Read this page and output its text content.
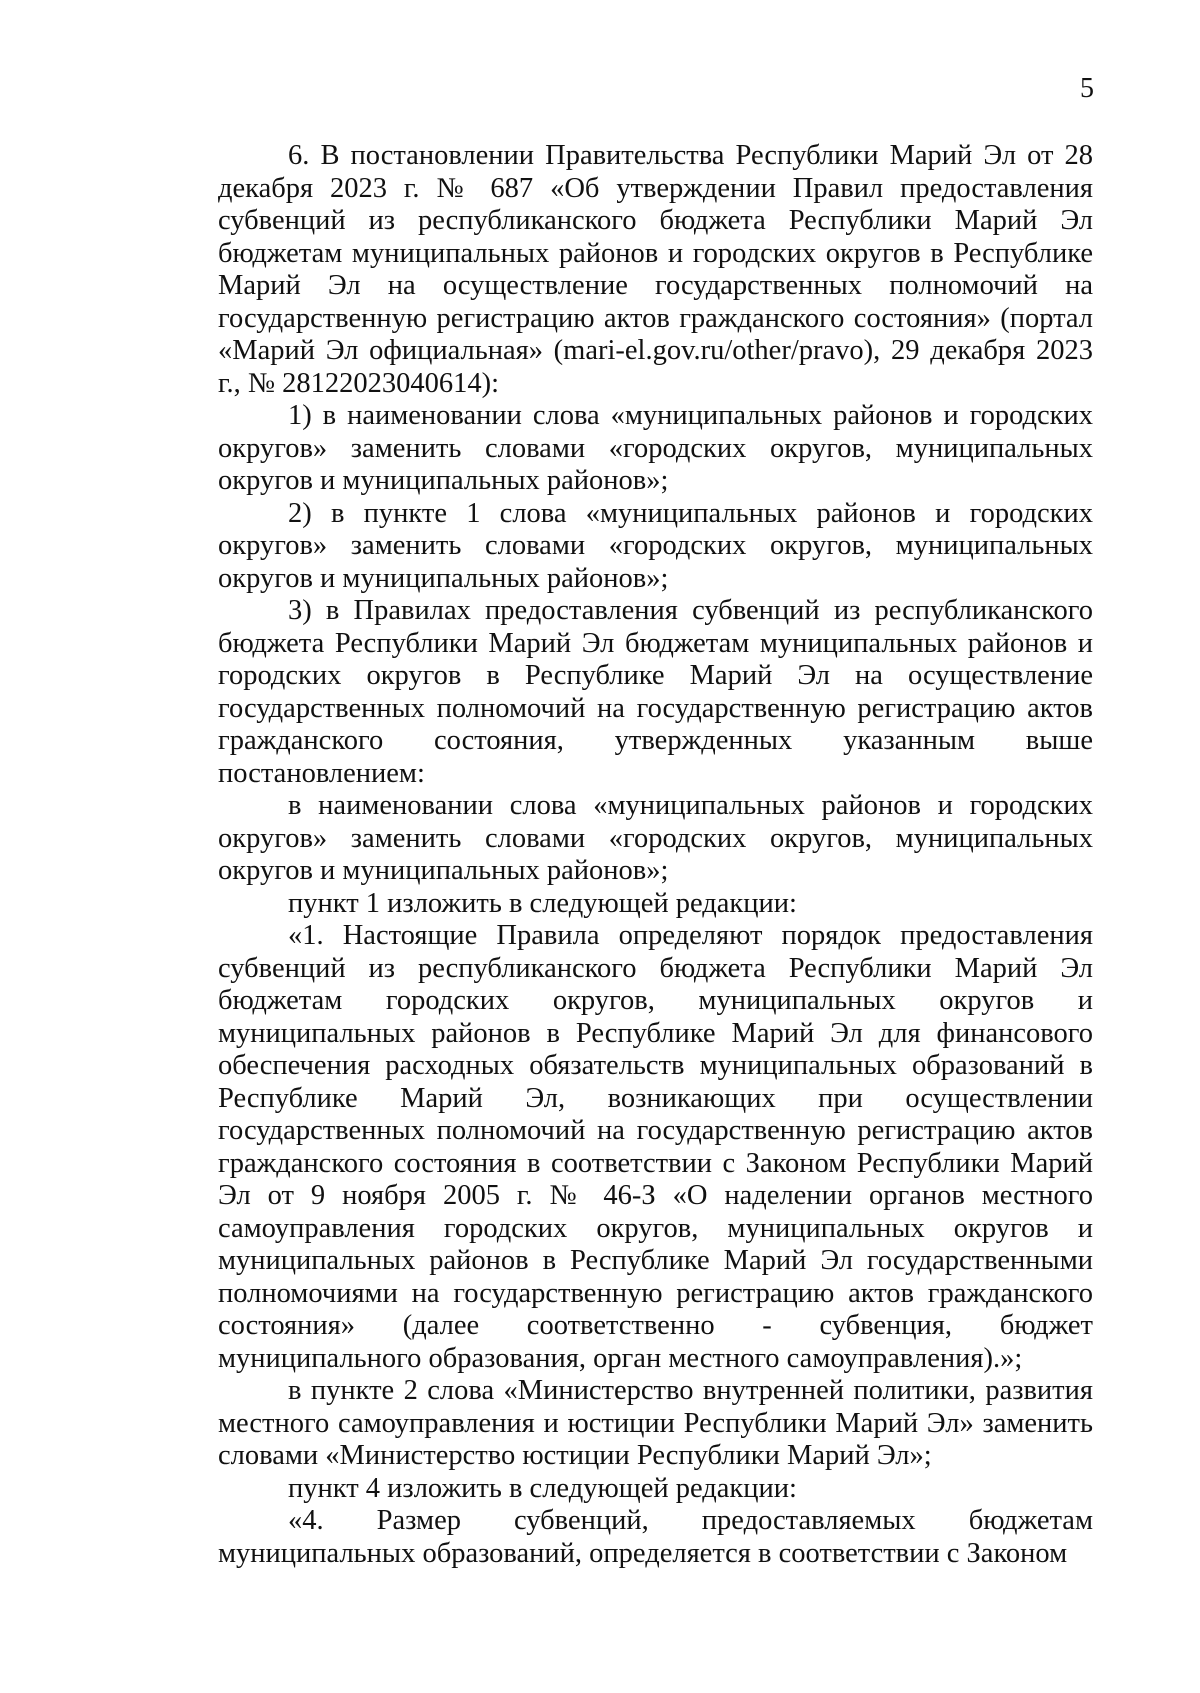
5

6. В постановлении Правительства Республики Марий Эл от 28 декабря 2023 г. № 687 «Об утверждении Правил предоставления субвенций из республиканского бюджета Республики Марий Эл бюджетам муниципальных районов и городских округов в Республике Марий Эл на осуществление государственных полномочий на государственную регистрацию актов гражданского состояния» (портал «Марий Эл официальная» (mari-el.gov.ru/other/pravo), 29 декабря 2023 г., № 28122023040614):

1) в наименовании слова «муниципальных районов и городских округов» заменить словами «городских округов, муниципальных округов и муниципальных районов»;

2) в пункте 1 слова «муниципальных районов и городских округов» заменить словами «городских округов, муниципальных округов и муниципальных районов»;

3) в Правилах предоставления субвенций из республиканского бюджета Республики Марий Эл бюджетам муниципальных районов и городских округов в Республике Марий Эл на осуществление государственных полномочий на государственную регистрацию актов гражданского состояния, утвержденных указанным выше постановлением:

в наименовании слова «муниципальных районов и городских округов» заменить словами «городских округов, муниципальных округов и муниципальных районов»;

пункт 1 изложить в следующей редакции:

«1. Настоящие Правила определяют порядок предоставления субвенций из республиканского бюджета Республики Марий Эл бюджетам городских округов, муниципальных округов и муниципальных районов в Республике Марий Эл для финансового обеспечения расходных обязательств муниципальных образований в Республике Марий Эл, возникающих при осуществлении государственных полномочий на государственную регистрацию актов гражданского состояния в соответствии с Законом Республики Марий Эл от 9 ноября 2005 г. № 46-З «О наделении органов местного самоуправления городских округов, муниципальных округов и муниципальных районов в Республике Марий Эл государственными полномочиями на государственную регистрацию актов гражданского состояния» (далее соответственно - субвенция, бюджет муниципального образования, орган местного самоуправления).»;

в пункте 2 слова «Министерство внутренней политики, развития местного самоуправления и юстиции Республики Марий Эл» заменить словами «Министерство юстиции Республики Марий Эл»;

пункт 4 изложить в следующей редакции:

«4. Размер субвенций, предоставляемых бюджетам муниципальных образований, определяется в соответствии с Законом
